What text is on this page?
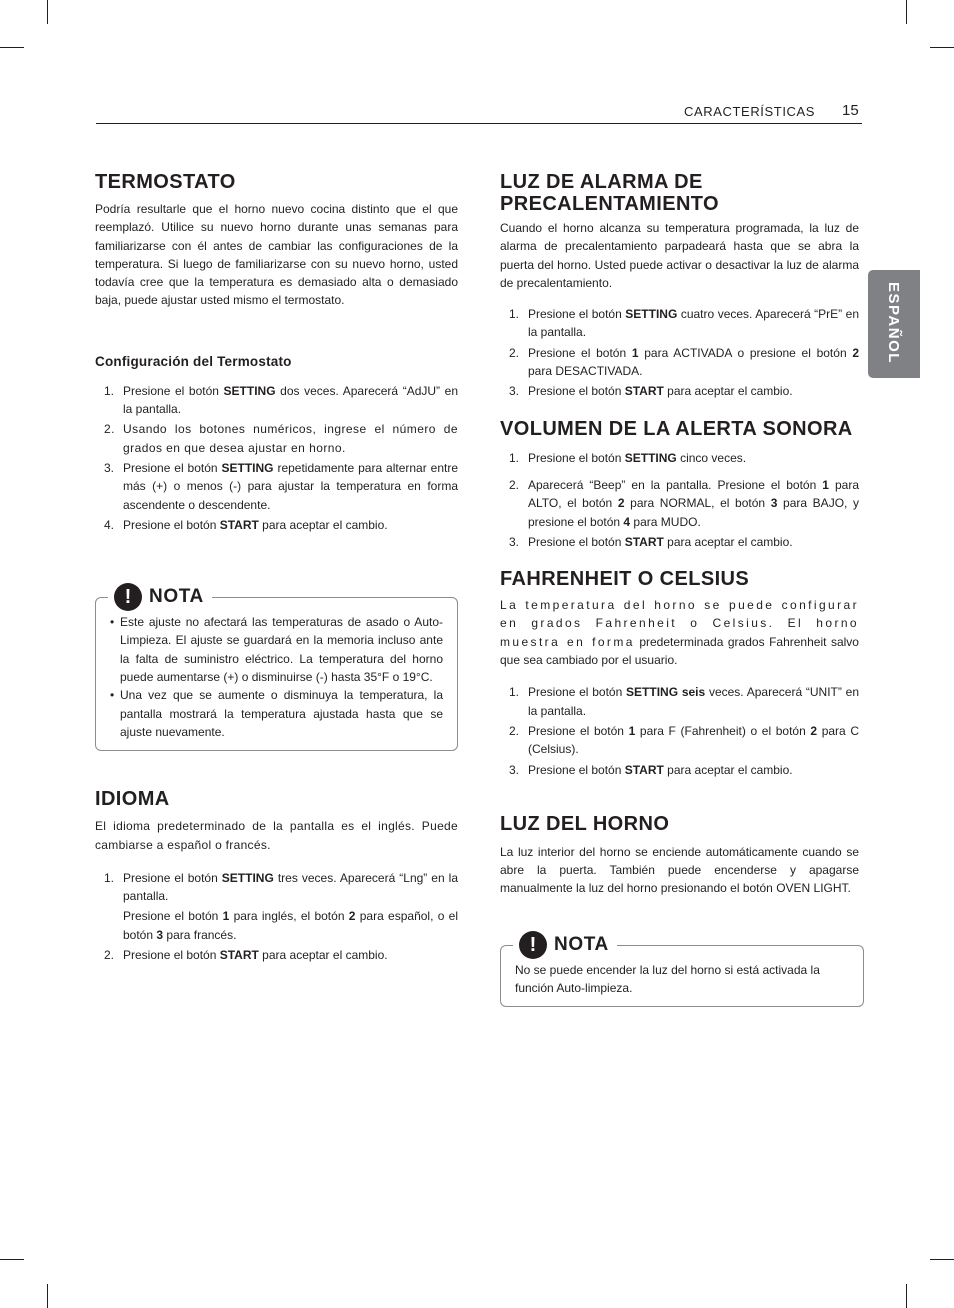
CARACTERÍSTICAS 15
ESPAÑOL
TERMOSTATO

Podría resultarle que el horno nuevo cocina distinto que el que reemplazó. Utilice su nuevo horno durante unas semanas para familiarizarse con él antes de cambiar las configuraciones de la temperatura. Si luego de familiarizarse con su nuevo horno, usted todavía cree que la temperatura es demasiado alta o demasiado baja, puede ajustar usted mismo el termostato.

Configuración del Termostato
1. Presione el botón SETTING dos veces. Aparecerá “AdJU” en la pantalla.
2. Usando los botones numéricos, ingrese el número de grados en que desea ajustar en horno.
3. Presione el botón SETTING repetidamente para alternar entre más (+) o menos (-) para ajustar la temperatura en forma ascendente o descendente.
4. Presione el botón START para aceptar el cambio.
! NOTA
• Este ajuste no afectará las temperaturas de asado o Auto-Limpieza. El ajuste se guardará en la memoria incluso ante la falta de suministro eléctrico. La temperatura del horno puede aumentarse (+) o disminuirse (-) hasta 35°F o 19°C.
• Una vez que se aumente o disminuya la temperatura, la pantalla mostrará la temperatura ajustada hasta que se ajuste nuevamente.
IDIOMA

El idioma predeterminado de la pantalla es el inglés. Puede cambiarse a español o francés.

1. Presione el botón SETTING tres veces. Aparecerá “Lng” en la pantalla.
Presione el botón 1 para inglés, el botón 2 para español, o el botón 3 para francés.
2. Presione el botón START para aceptar el cambio.
LUZ DE ALARMA DE PRECALENTAMIENTO

Cuando el horno alcanza su temperatura programada, la luz de alarma de precalentamiento parpadeará hasta que se abra la puerta del horno. Usted puede activar o desactivar la luz de alarma de precalentamiento.

1. Presione el botón SETTING cuatro veces. Aparecerá “PrE” en la pantalla.
2. Presione el botón 1 para ACTIVADA o presione el botón 2 para DESACTIVADA.
3. Presione el botón START para aceptar el cambio.
VOLUMEN DE LA ALERTA SONORA
1. Presione el botón SETTING cinco veces.
2. Aparecerá “Beep” en la pantalla. Presione el botón 1 para ALTO, el botón 2 para NORMAL, el botón 3 para BAJO, y presione el botón 4 para MUDO.
3. Presione el botón START para aceptar el cambio.
FAHRENHEIT O CELSIUS

La temperatura del horno se puede configurar en grados Fahrenheit o Celsius. El horno muestra en forma predeterminada grados Fahrenheit salvo que sea cambiado por el usuario.

1. Presione el botón SETTING seis veces. Aparecerá “UNIT” en la pantalla.
2. Presione el botón 1 para F (Fahrenheit) o el botón 2 para C (Celsius).
3. Presione el botón START para aceptar el cambio.
LUZ DEL HORNO

La luz interior del horno se enciende automáticamente cuando se abre la puerta. También puede encenderse y apagarse manualmente la luz del horno presionando el botón OVEN LIGHT.

! NOTA

No se puede encender la luz del horno si está activada la función Auto-limpieza.
